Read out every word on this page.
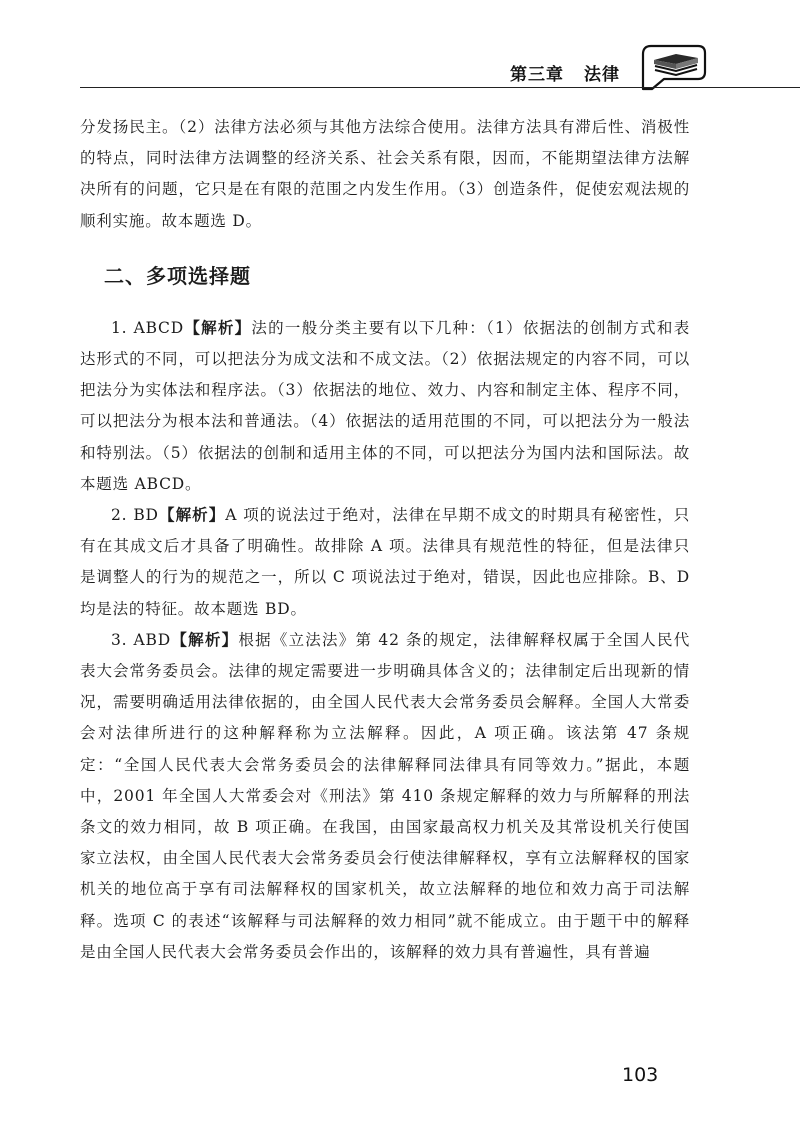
第三章 法律

分发扬民主。（2）法律方法必须与其他方法综合使用。法律方法具有滞后性、消极性的特点，同时法律方法调整的经济关系、社会关系有限，因而，不能期望法律方法解决所有的问题，它只是在有限的范围之内发生作用。（3）创造条件，促使宏观法规的顺利实施。故本题选 D。

二、多项选择题

1. ABCD【解析】法的一般分类主要有以下几种：（1）依据法的创制方式和表达形式的不同，可以把法分为成文法和不成文法。（2）依据法规定的内容不同，可以把法分为实体法和程序法。（3）依据法的地位、效力、内容和制定主体、程序不同，可以把法分为根本法和普通法。（4）依据法的适用范围的不同，可以把法分为一般法和特别法。（5）依据法的创制和适用主体的不同，可以把法分为国内法和国际法。故本题选 ABCD。

2. BD【解析】A 项的说法过于绝对，法律在早期不成文的时期具有秘密性，只有在其成文后才具备了明确性。故排除 A 项。法律具有规范性的特征，但是法律只是调整人的行为的规范之一，所以 C 项说法过于绝对，错误，因此也应排除。B、D 均是法的特征。故本题选 BD。

3. ABD【解析】根据《立法法》第 42 条的规定，法律解释权属于全国人民代表大会常务委员会。法律的规定需要进一步明确具体含义的；法律制定后出现新的情况，需要明确适用法律依据的，由全国人民代表大会常务委员会解释。全国人大常委会对法律所进行的这种解释称为立法解释。因此，A 项正确。该法第 47 条规定：“全国人民代表大会常务委员会的法律解释同法律具有同等效力。”据此，本题中，2001 年全国人大常委会对《刑法》第 410 条规定解释的效力与所解释的刑法条文的效力相同，故 B 项正确。在我国，由国家最高权力机关及其常设机关行使国家立法权，由全国人民代表大会常务委员会行使法律解释权，享有立法解释权的国家机关的地位高于享有司法解释权的国家机关，故立法解释的地位和效力高于司法解释。选项 C 的表述“该解释与司法解释的效力相同”就不能成立。由于题干中的解释是由全国人民代表大会常务委员会作出的，该解释的效力具有普遍性，具有普遍

103
